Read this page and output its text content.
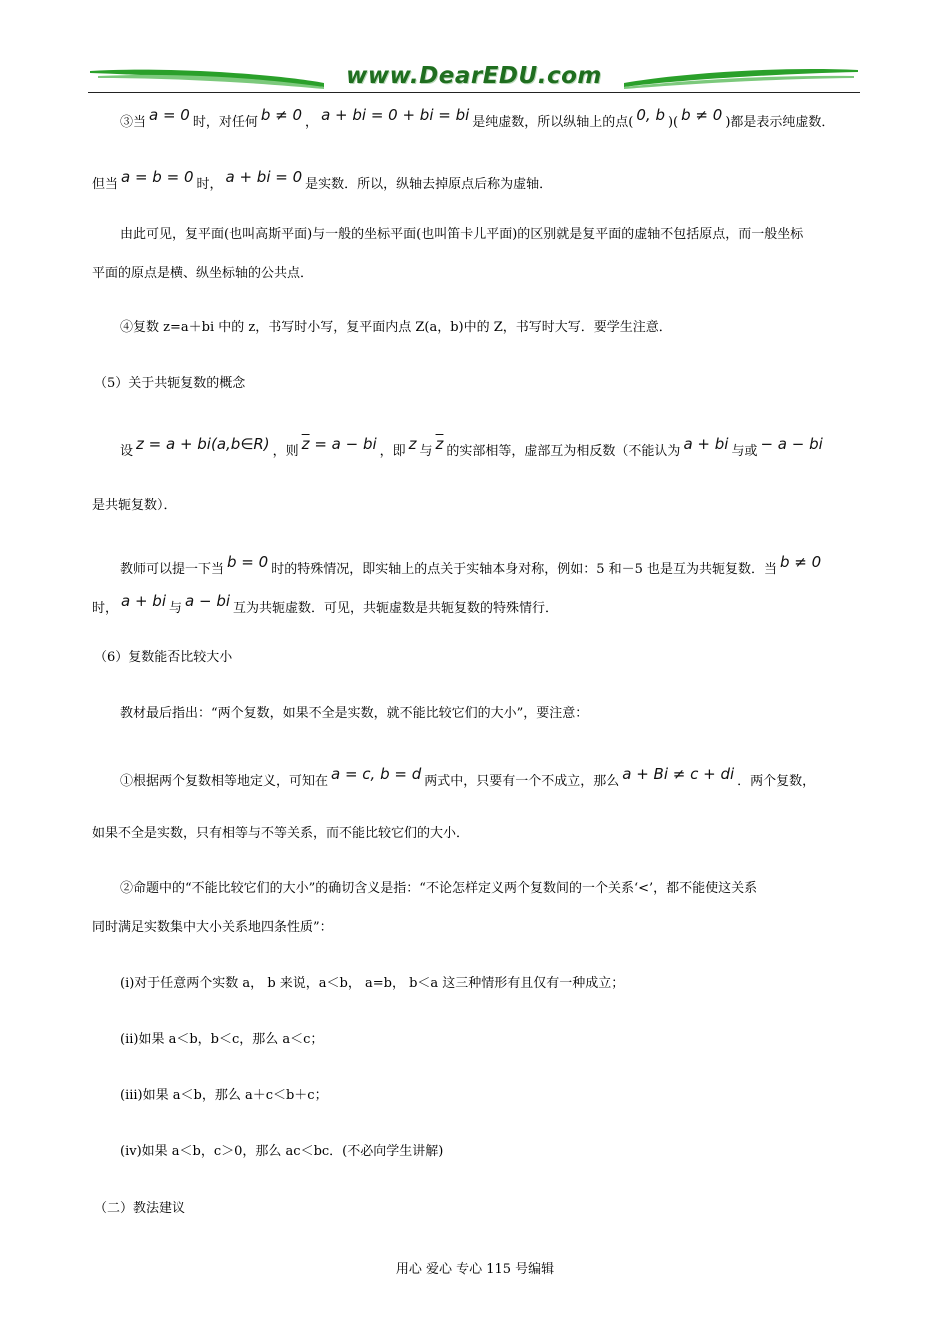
www.DearEDU.com
③当 a = 0 时，对任何 b ≠ 0 ， a + bi = 0 + bi = bi 是纯虚数，所以纵轴上的点( 0, b )( b ≠ 0 )都是表示纯虚数．
但当 a = b = 0 时， a + bi = 0 是实数．所以，纵轴去掉原点后称为虚轴．
由此可见，复平面(也叫高斯平面)与一般的坐标平面(也叫笛卡儿平面)的区别就是复平面的虚轴不包括原点，而一般坐标
平面的原点是横、纵坐标轴的公共点．
④复数 z=a＋bi 中的 z，书写时小写，复平面内点 Z(a，b)中的 Z，书写时大写．要学生注意．
（5）关于共轭复数的概念
设 z = a + bi(a,b∈R) ，则 $\overline{z} = a$ − bi ，即 z 与 $\overline{z}$ 的实部相等，虚部互为相反数（不能认为 a + bi 与或 − a − bi
是共轭复数）．
教师可以提一下当 b = 0 时的特殊情况，即实轴上的点关于实轴本身对称，例如：5 和－5 也是互为共轭复数．当 b ≠ 0
时， a + bi 与 a − bi 互为共轭虚数．可见，共轭虚数是共轭复数的特殊情行．
（6）复数能否比较大小
教材最后指出：“两个复数，如果不全是实数，就不能比较它们的大小”，要注意：
①根据两个复数相等地定义，可知在 a = c, b = d 两式中，只要有一个不成立，那么 a + Bi ≠ c + di ．两个复数，
如果不全是实数，只有相等与不等关系，而不能比较它们的大小．
②命题中的“不能比较它们的大小”的确切含义是指：“不论怎样定义两个复数间的一个关系‘<’，都不能使这关系
同时满足实数集中大小关系地四条性质”：
(i)对于任意两个实数 a， b 来说，a＜b， a=b， b＜a 这三种情形有且仅有一种成立；
(ii)如果 a＜b，b＜c，那么 a＜c；
(iii)如果 a＜b，那么 a＋c＜b＋c；
(iv)如果 a＜b，c＞0，那么 ac＜bc．(不必向学生讲解)
（二）教法建议
用心 爱心 专心 115 号编辑
